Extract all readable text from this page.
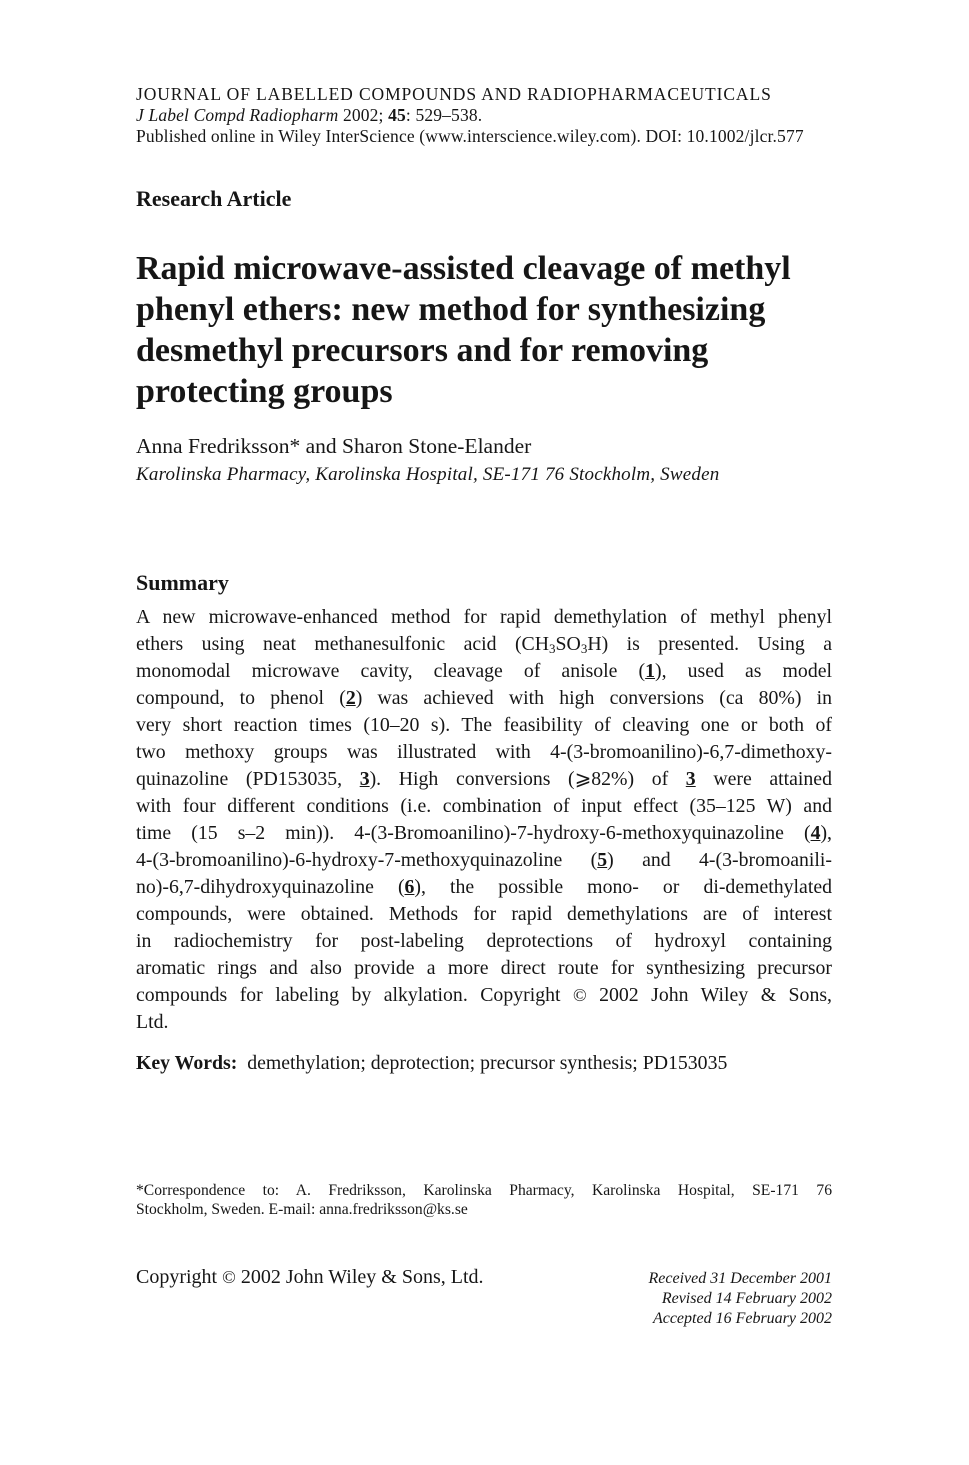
JOURNAL OF LABELLED COMPOUNDS AND RADIOPHARMACEUTICALS
J Label Compd Radiopharm 2002; 45: 529–538.
Published online in Wiley InterScience (www.interscience.wiley.com). DOI: 10.1002/jlcr.577
Research Article
Rapid microwave-assisted cleavage of methyl
phenyl ethers: new method for synthesizing
desmethyl precursors and for removing
protecting groups
Anna Fredriksson* and Sharon Stone-Elander
Karolinska Pharmacy, Karolinska Hospital, SE-171 76 Stockholm, Sweden
Summary
A new microwave-enhanced method for rapid demethylation of methyl phenyl
ethers using neat methanesulfonic acid $(CH_3SO_3H)$ is presented. Using a
monomodal microwave cavity, cleavage of anisole (1), used as model
compound, to phenol (2) was achieved with high conversions (ca 80%) in
very short reaction times (10–20 s). The feasibility of cleaving one or both of
two methoxy groups was illustrated with 4-(3-bromoanilino)-6,7-dimethoxy-
quinazoline (PD153035, 3). High conversions (⩾82%) of 3 were attained
with four different conditions (i.e. combination of input effect (35–125 W) and
time (15 s–2 min)). 4-(3-Bromoanilino)-7-hydroxy-6-methoxyquinazoline (4),
4-(3-bromoanilino)-6-hydroxy-7-methoxyquinazoline (5) and 4-(3-bromoanili-
no)-6,7-dihydroxyquinazoline (6), the possible mono- or di-demethylated
compounds, were obtained. Methods for rapid demethylations are of interest
in radiochemistry for post-labeling deprotections of hydroxyl containing
aromatic rings and also provide a more direct route for synthesizing precursor
compounds for labeling by alkylation. Copyright © 2002 John Wiley & Sons,
Ltd.
Key Words: demethylation; deprotection; precursor synthesis; PD153035
*Correspondence to: A. Fredriksson, Karolinska Pharmacy, Karolinska Hospital, SE-171 76
Stockholm, Sweden. E-mail: anna.fredriksson@ks.se
Copyright © 2002 John Wiley & Sons, Ltd.	Received 31 December 2001
Revised 14 February 2002
Accepted 16 February 2002
